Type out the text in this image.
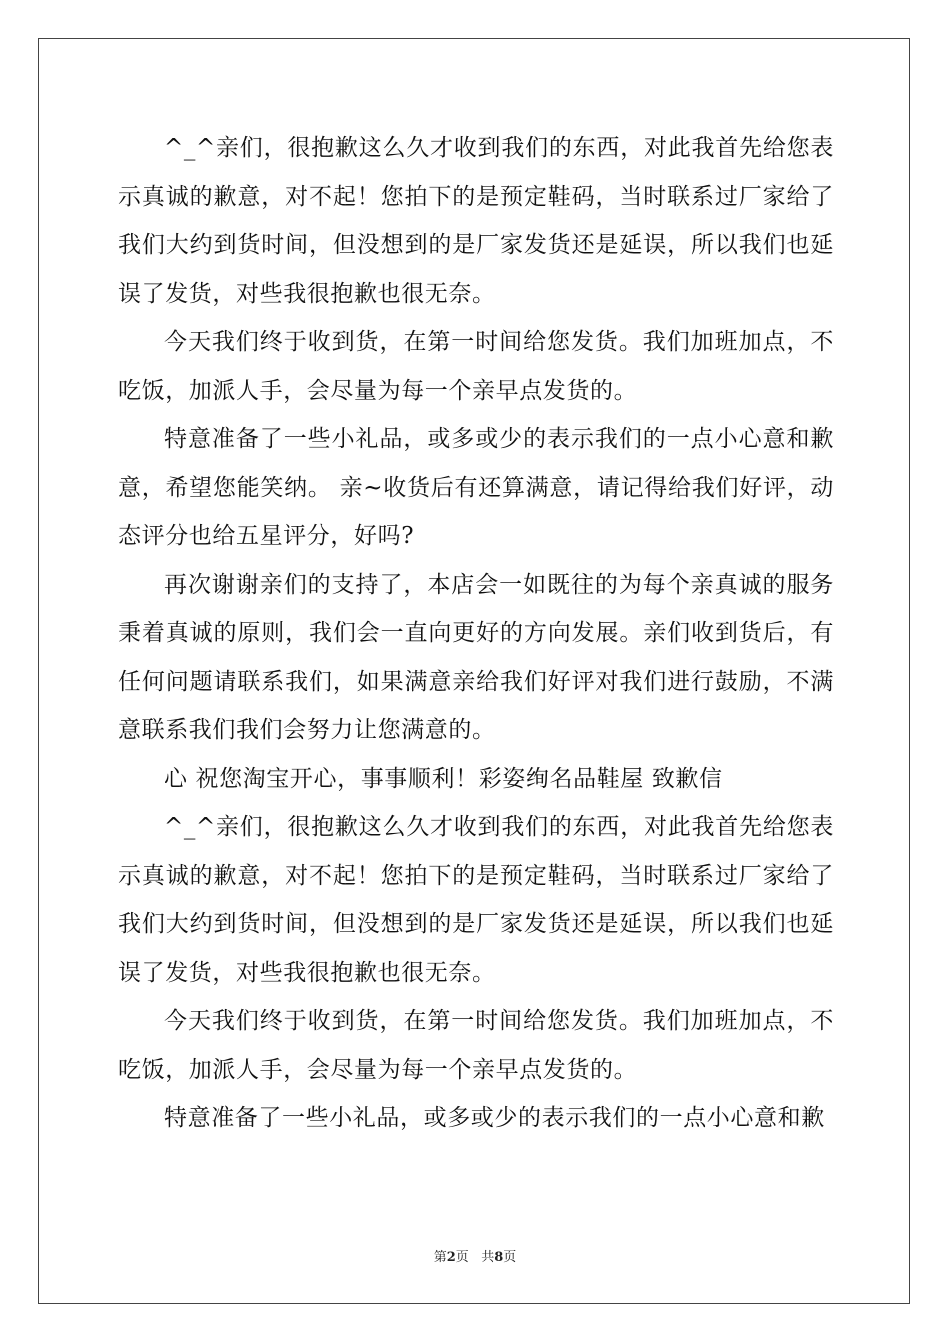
^_^亲们，很抱歉这么久才收到我们的东西，对此我首先给您表示真诚的歉意，对不起！您拍下的是预定鞋码，当时联系过厂家给了我们大约到货时间，但没想到的是厂家发货还是延误，所以我们也延误了发货，对些我很抱歉也很无奈。

今天我们终于收到货，在第一时间给您发货。我们加班加点，不吃饭，加派人手，会尽量为每一个亲早点发货的。

特意准备了一些小礼品，或多或少的表示我们的一点小心意和歉意，希望您能笑纳。 亲~收货后有还算满意，请记得给我们好评，动态评分也给五星评分，好吗?

再次谢谢亲们的支持了，本店会一如既往的为每个亲真诚的服务秉着真诚的原则，我们会一直向更好的方向发展。亲们收到货后，有任何问题请联系我们，如果满意亲给我们好评对我们进行鼓励，不满意联系我们我们会努力让您满意的。

心 祝您淘宝开心，事事顺利！彩姿绚名品鞋屋 致歉信

^_^亲们，很抱歉这么久才收到我们的东西，对此我首先给您表示真诚的歉意，对不起！您拍下的是预定鞋码，当时联系过厂家给了我们大约到货时间，但没想到的是厂家发货还是延误，所以我们也延误了发货，对些我很抱歉也很无奈。

今天我们终于收到货，在第一时间给您发货。我们加班加点，不吃饭，加派人手，会尽量为每一个亲早点发货的。

特意准备了一些小礼品，或多或少的表示我们的一点小心意和歉

第2页 共8页
